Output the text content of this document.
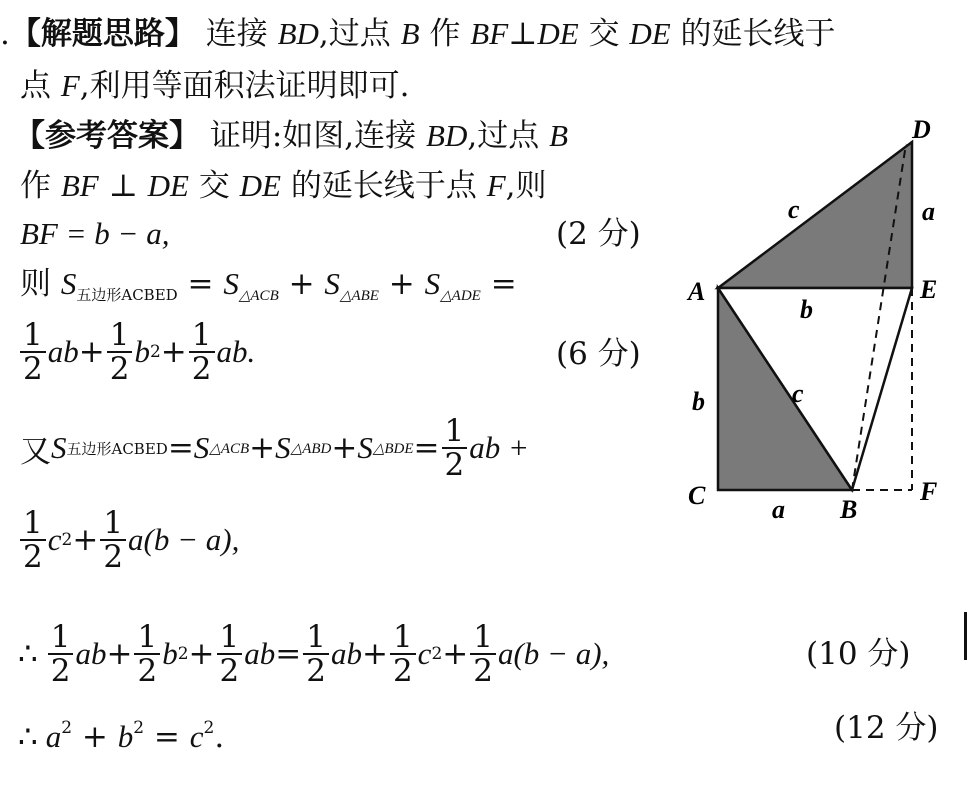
.【解题思路】 连接 BD,过点 B 作 BF⊥DE 交 DE 的延长线于
点 F,利用等面积法证明即可.
【参考答案】 证明:如图,连接 BD,过点 B
作 BF ⊥ DE 交 DE 的延长线于点 F,则
BF = b − a,	(2 分)
则 $S_{五边形ACBED}$ = S△ACB + S△ABE + S△ADE =
$\frac{1}{2}$ ab + $\frac{1}{2}$ b $2 + \frac{1}{2}$ ab.	(6 分)
又 S 五边形ACBED = S △ACB + S △ABD + S △BDE = $\frac{1}{2}$ ab +
$\frac{1}{2}$ c $2 + \frac{1}{2} a(b - a)$,
∴ $\frac{1}{2}$ ab + $\frac{1}{2}$ b $2 + \frac{1}{2}$ ab = $\frac{1}{2}$ ab + $\frac{1}{2}$ c $2 + \frac{1}{2} a(b - a)$,	(10 分)
∴ $a^2 + b^2 = c^2$.	(12 分)
D
E
A
C	B
F
c	a
b
c
b
a
